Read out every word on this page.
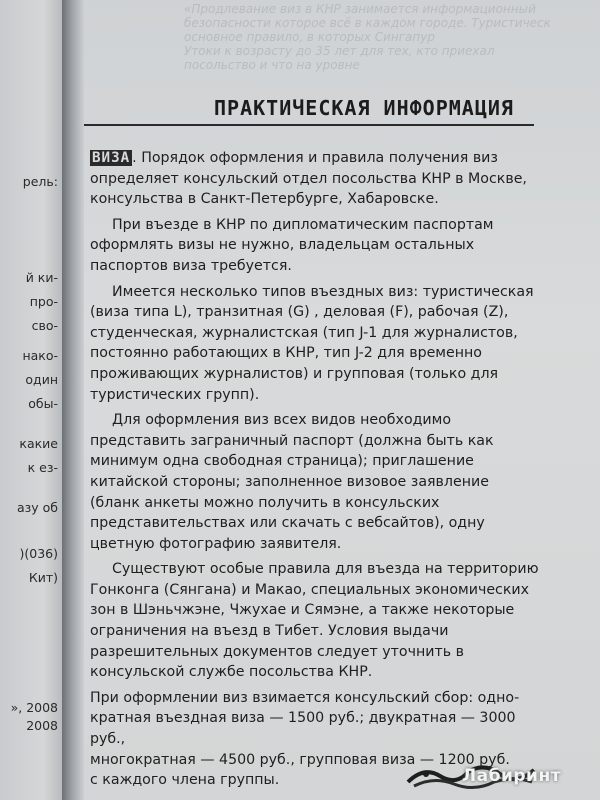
рель:
й ки-
про-
сво-
нако-
один
обы-
какие
к ез-
азу об
)(036)
Кит)
», 2008
2008
«Продлевание виз в КНР занимается информационный
безопасности которое всё в каждом городе. Туристическ
основное правило, в которых Сингапур
Утоки к возрасту до 35 лет для тех, кто приехал
посольство и что на уровне
ПРАКТИЧЕСКАЯ ИНФОРМАЦИЯ

ВИЗА . Порядок оформления и правила получения виз определяет консульский отдел посольства КНР в Москве, консульства в Санкт-Петербурге, Хабаровске.

При въезде в КНР по дипломатическим паспортам оформлять визы не нужно, владельцам остальных паспортов виза требуется.

Имеется несколько типов въездных виз: туристическая (виза типа L), транзитная (G) , деловая (F), рабочая (Z), студенческая, журналистская (тип J-1 для журналистов, постоянно работающих в КНР, тип J-2 для временно проживающих журналистов) и групповая (только для туристических групп).

Для оформления виз всех видов необходимо представить заграничный паспорт (должна быть как минимум одна свободная страница); приглашение китайской стороны; заполненное визовое заявление (бланк анкеты можно получить в консульских представительствах или скачать с вебсайтов), одну цветную фотографию заявителя.

Существуют особые правила для въезда на территорию Гонконга (Сянгана) и Макао, специальных экономических зон в Шэньчжэне, Чжухае и Сямэне, а также некоторые ограничения на въезд в Тибет. Условия выдачи разрешительных документов следует уточнить в консульской службе посольства КНР.

При оформлении виз взимается консульский сбор: одно-
кратная въездная виза — 1500 руб.; двукратная — 3000 руб.,
многократная — 4500 руб., групповая виза — 1200 руб.
с каждого члена группы.	Лабиринт
